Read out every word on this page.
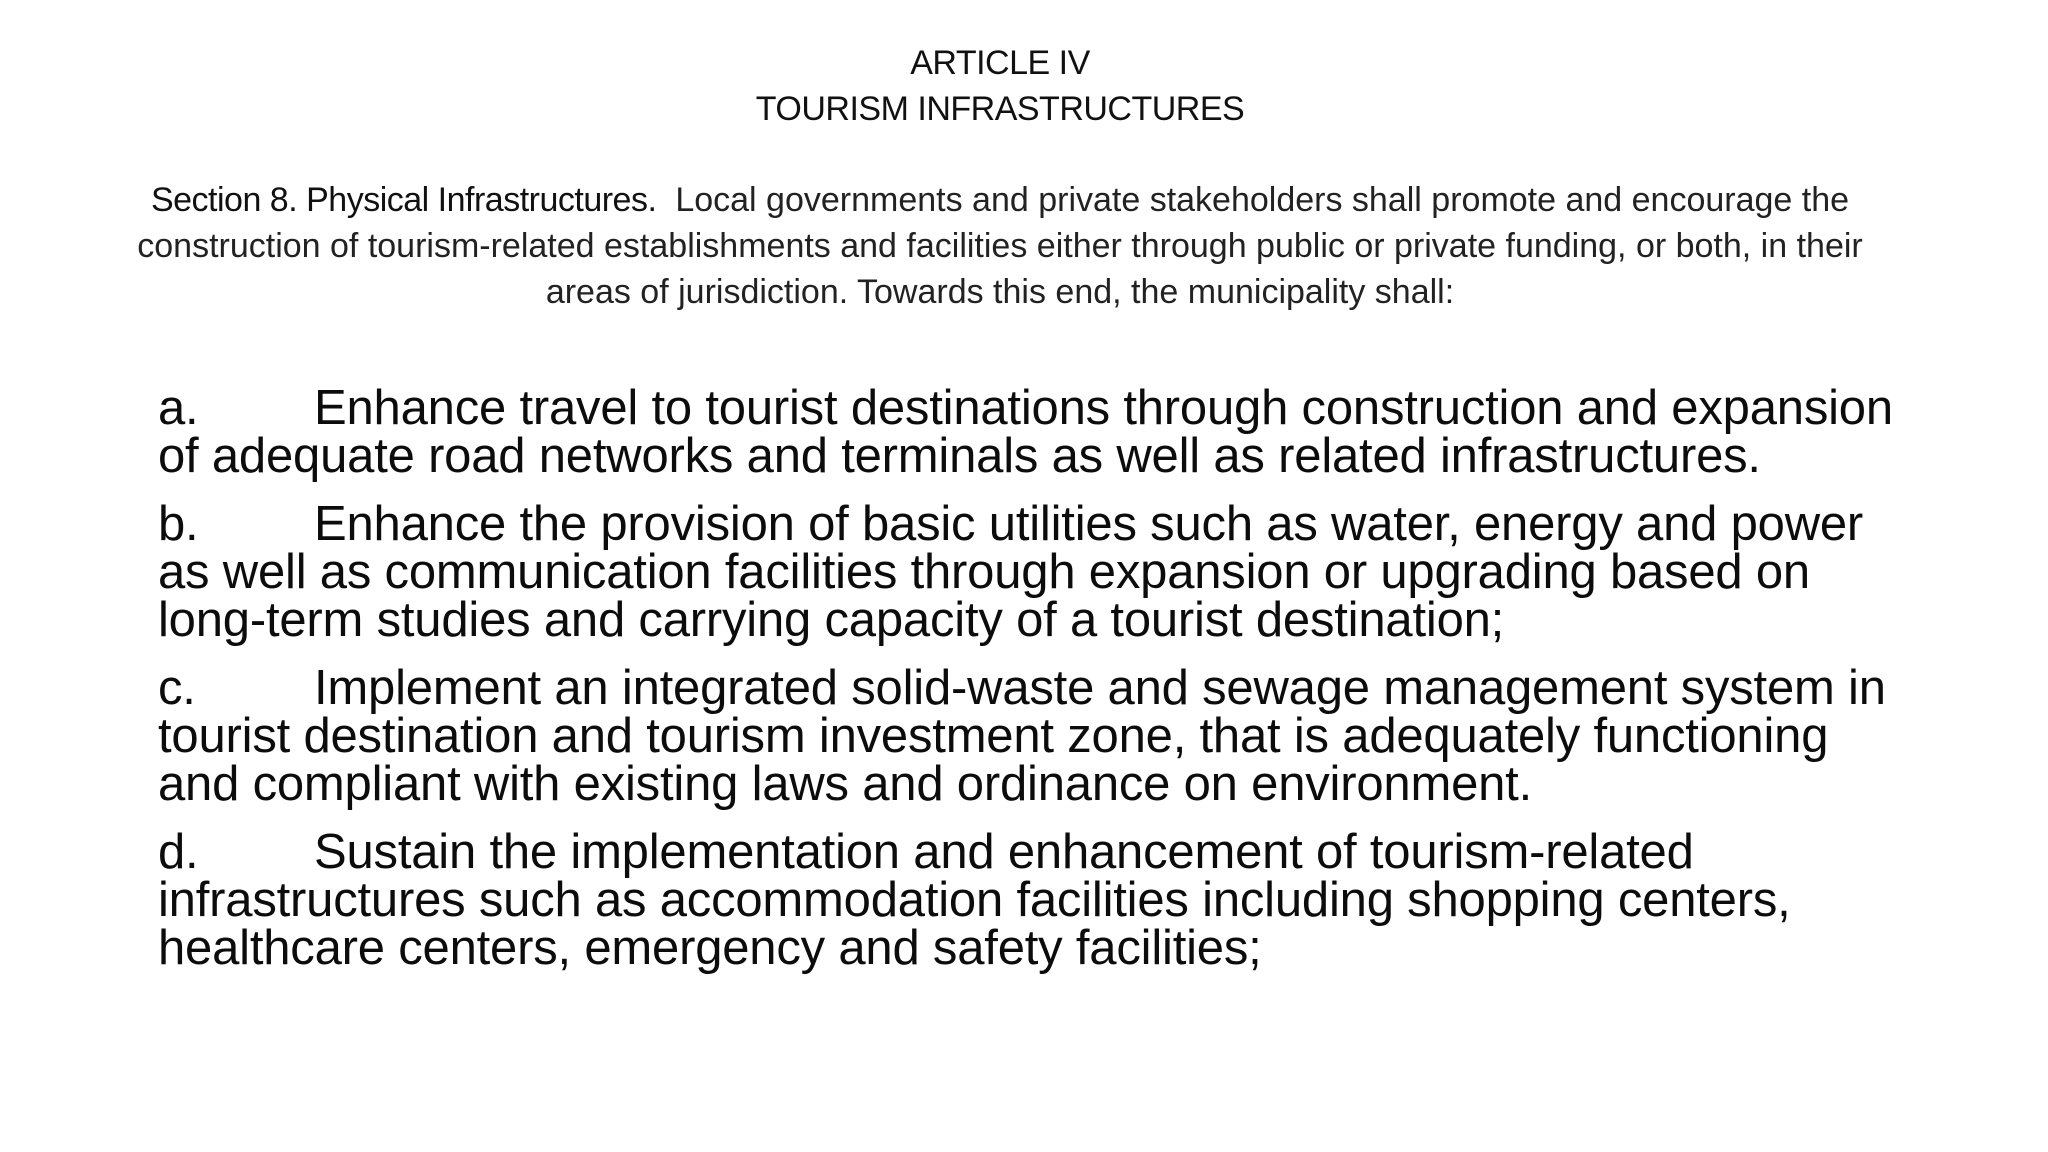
ARTICLE IV
TOURISM INFRASTRUCTURES
Section 8. Physical Infrastructures. Local governments and private stakeholders shall promote and encourage the construction of tourism-related establishments and facilities either through public or private funding, or both, in their areas of jurisdiction. Towards this end, the municipality shall:
a. Enhance travel to tourist destinations through construction and expansion of adequate road networks and terminals as well as related infrastructures.
b. Enhance the provision of basic utilities such as water, energy and power as well as communication facilities through expansion or upgrading based on long-term studies and carrying capacity of a tourist destination;
c. Implement an integrated solid-waste and sewage management system in tourist destination and tourism investment zone, that is adequately functioning and compliant with existing laws and ordinance on environment.
d. Sustain the implementation and enhancement of tourism-related infrastructures such as accommodation facilities including shopping centers, healthcare centers, emergency and safety facilities;
